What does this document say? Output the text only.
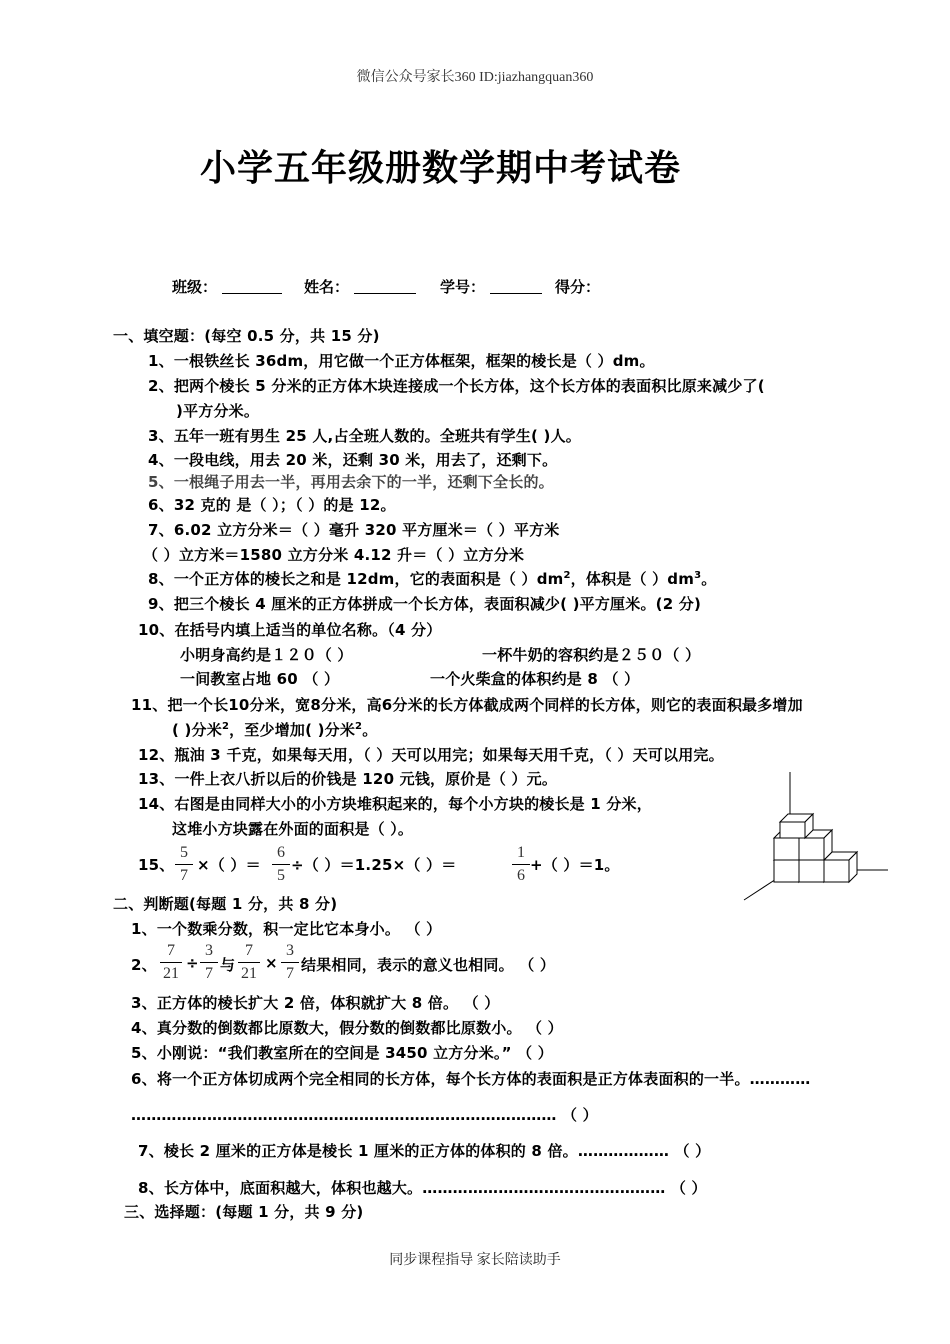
微信公众号家长360 ID:jiazhangquan360
小学五年级册数学期中考试卷
班级：	姓名：	学号：	得分：
一、填空题：(每空 0.5 分，共 15 分)
1、一根铁丝长 36dm，用它做一个正方体框架，框架的棱长是（ ）dm。
2、把两个棱长 5 分米的正方体木块连接成一个长方体，这个长方体的表面积比原来减少了(
)平方分米。
3、五年一班有男生 25 人,占全班人数的。全班共有学生( )人。
4、一段电线，用去 20 米，还剩 30 米，用去了，还剩下。
5、一根绳子用去一半，再用去余下的一半，还剩下全长的。
6、32 克的 是（ ）；（ ）的是 12。
7、6.02 立方分米＝（ ）毫升 320 平方厘米＝（ ）平方米
（ ）立方米＝1580 立方分米 4.12 升＝（ ）立方分米
8、一个正方体的棱长之和是 12dm，它的表面积是（ ）$dm^2$，体积是（ ）$dm^3$。
9、把三个棱长 4 厘米的正方体拼成一个长方体，表面积减少( )平方厘米。(2 分)
10、在括号内填上适当的单位名称。（4 分）
小明身高约是１２０（ ）	一杯牛奶的容积约是２５０（ ）
一间教室占地 60 （ ）	一个火柴盒的体积约是 8 （ ）
11、把一个长10分米，宽8分米，高6分米的长方体截成两个同样的长方体，则它的表面积最多增加
( )分米$^2$，至少增加( )分米$^2$。
12、瓶油 3 千克，如果每天用，（ ）天可以用完；如果每天用千克，（ ）天可以用完。
13、一件上衣八折以后的价钱是 120 元钱，原价是（ ）元。
14、右图是由同样大小的小方块堆积起来的，每个小方块的棱长是 1 分米，
这堆小方块露在外面的面积是（ ）。
15、
5
7
×（ ）＝
6
5
÷（ ）＝1.25×（ ）＝
1
6
+（ ）＝1。
二、判断题(每题 1 分，共 8 分)
1、一个数乘分数，积一定比它本身小。 （ ）
2、
7
21
÷
3
7 与
7
21
×
3
7 结果相同，表示的意义也相同。 （ ）
3、正方体的棱长扩大 2 倍，体积就扩大 8 倍。 （ ）
4、真分数的倒数都比原数大，假分数的倒数都比原数小。 （ ）
5、小刚说：“我们教室所在的空间是 3450 立方分米。” （ ）
6、将一个正方体切成两个完全相同的长方体，每个长方体的表面积是正方体表面积的一半。…………
………………………………………………………………………… （ ）
7、棱长 2 厘米的正方体是棱长 1 厘米的正方体的体积的 8 倍。……………… （ ）
8、长方体中，底面积越大，体积也越大。………………………………………… （ ）
三、选择题：(每题 1 分，共 9 分)
同步课程指导 家长陪读助手
